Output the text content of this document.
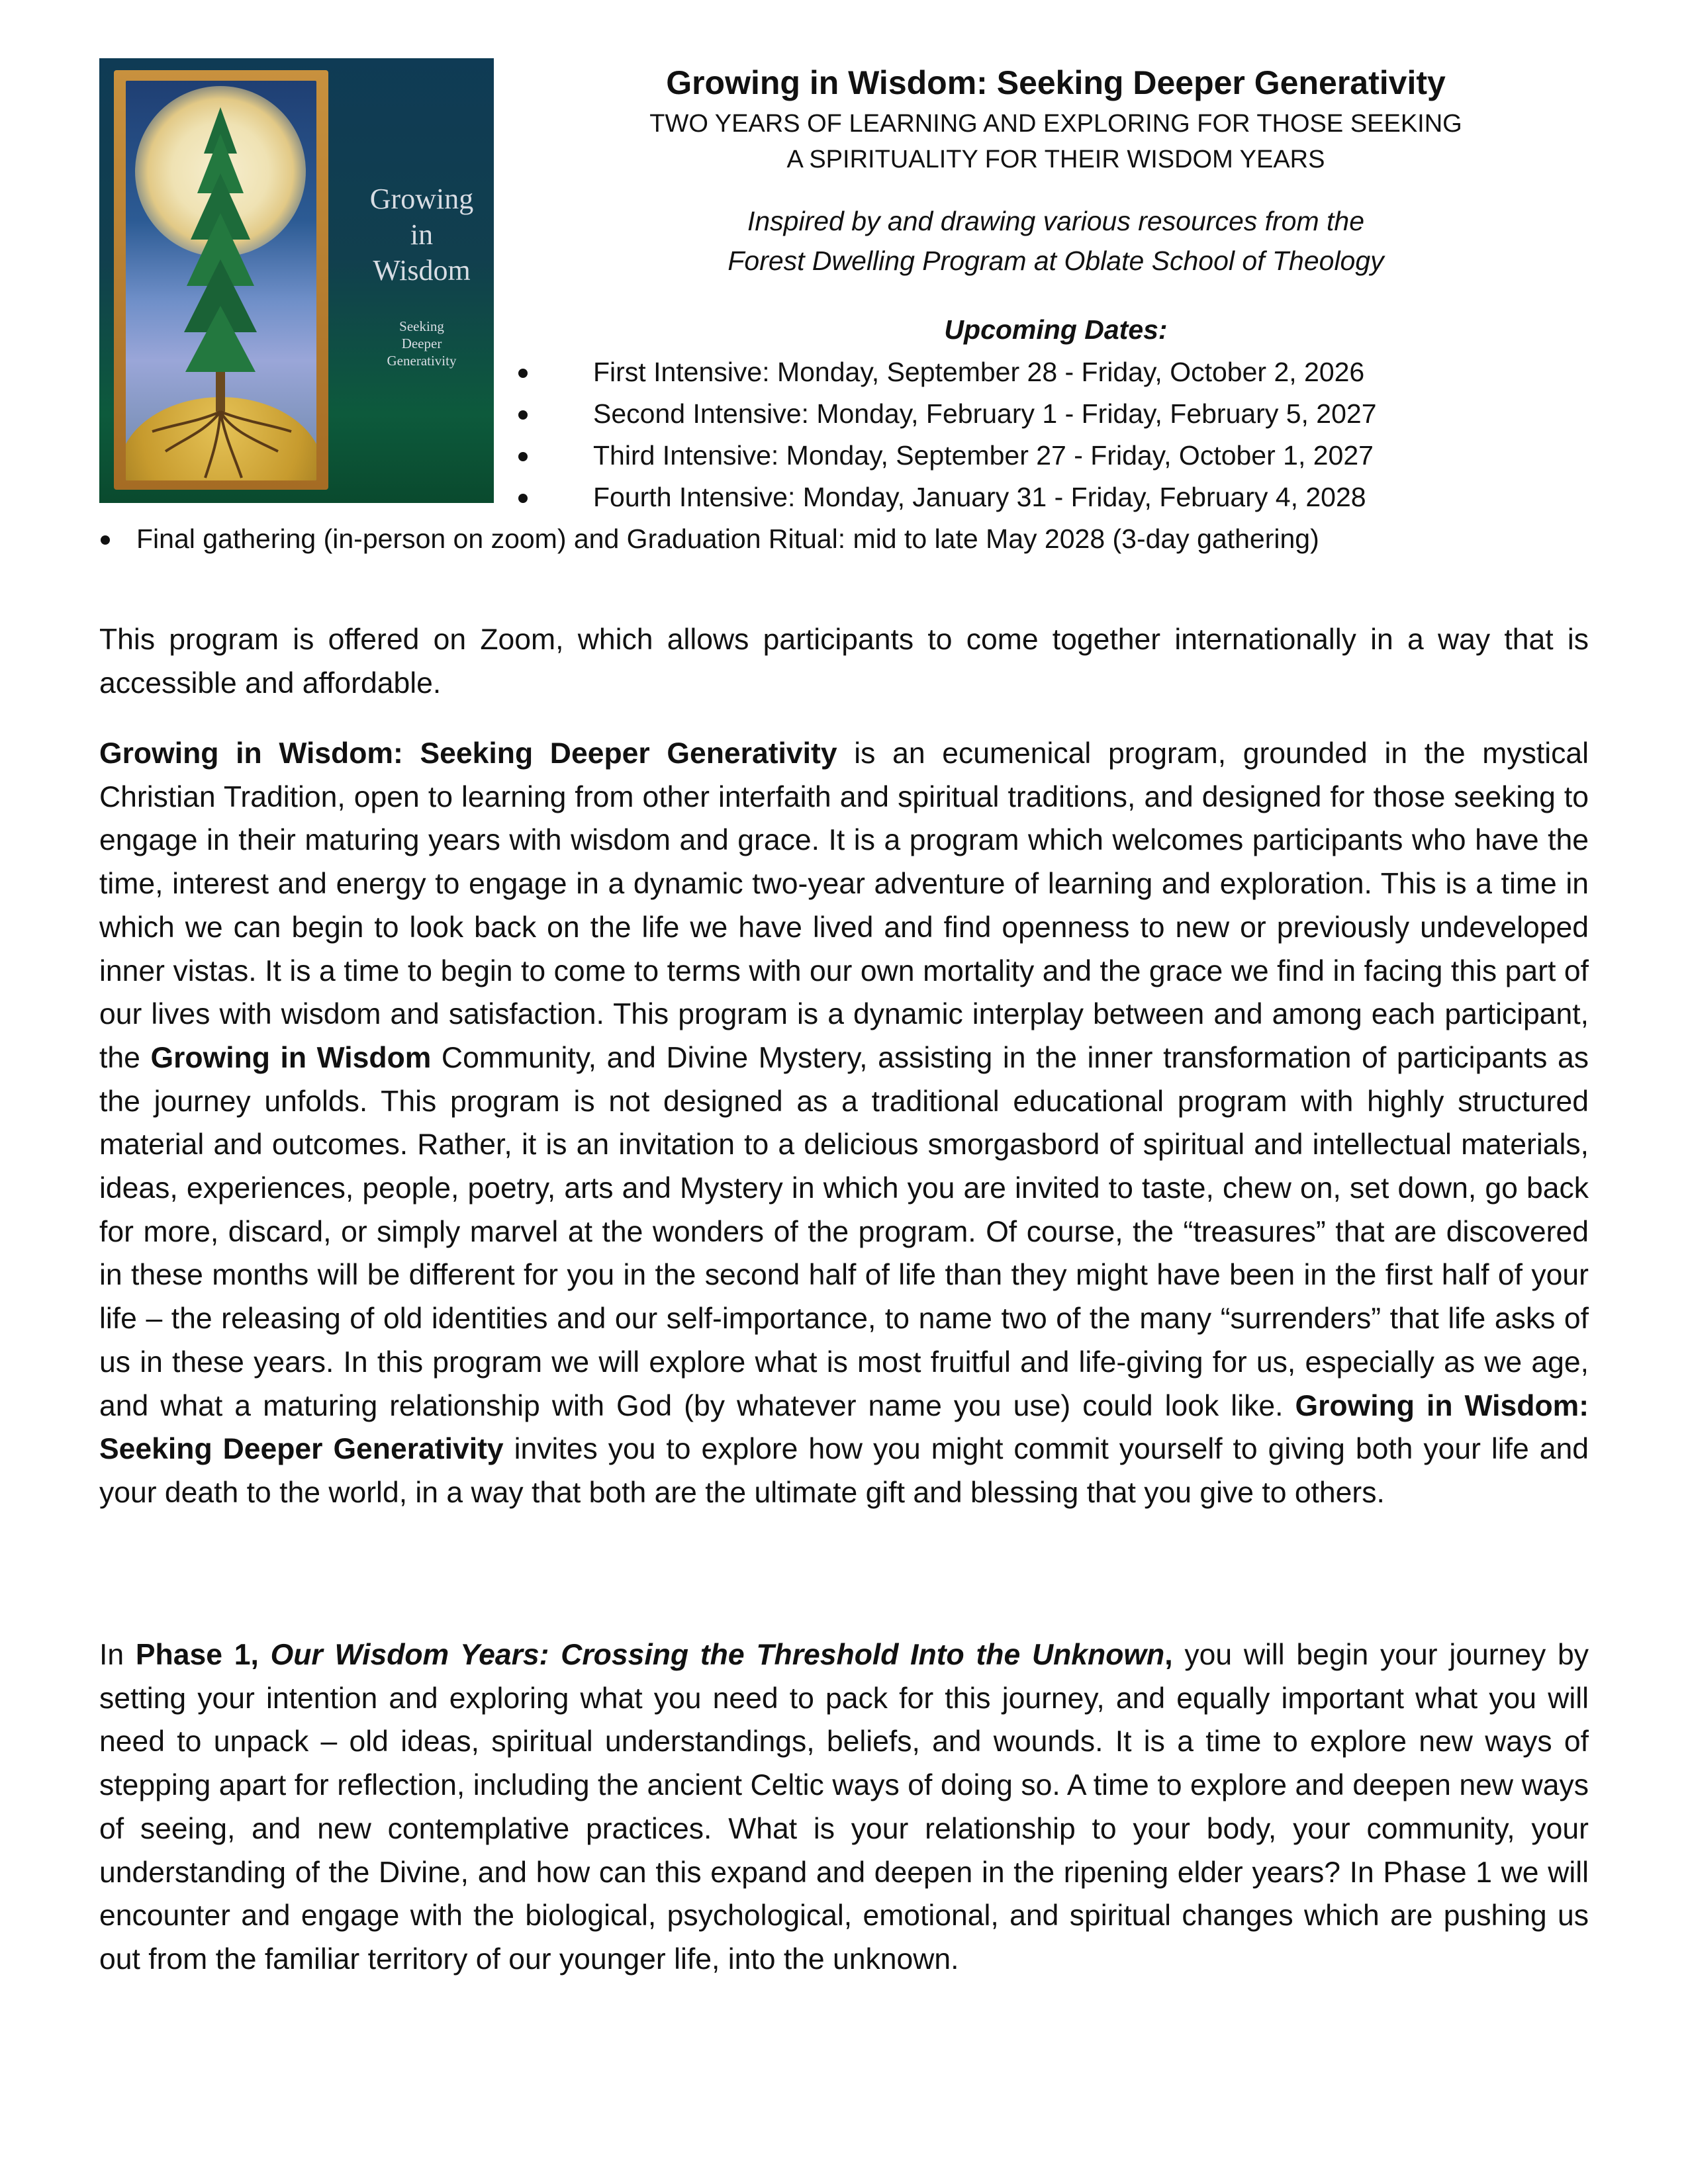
Growing
in
Wisdom
Seeking
Deeper
Generativity
Growing in Wisdom: Seeking Deeper Generativity
TWO YEARS OF LEARNING AND EXPLORING FOR THOSE SEEKING
A SPIRITUALITY FOR THEIR WISDOM YEARS
Inspired by and drawing various resources from the
Forest Dwelling Program at Oblate School of Theology
Upcoming Dates:
First Intensive: Monday, September 28 - Friday, October 2, 2026
Second Intensive: Monday, February 1 - Friday, February 5, 2027
Third Intensive: Monday, September 27 - Friday, October 1, 2027
Fourth Intensive: Monday, January 31 - Friday, February 4, 2028
Final gathering (in-person on zoom) and Graduation Ritual: mid to late May 2028 (3-day gathering)

This program is offered on Zoom, which allows participants to come together internationally in a way that is accessible and affordable.

Growing in Wisdom: Seeking Deeper Generativity is an ecumenical program, grounded in the mystical Christian Tradition, open to learning from other interfaith and spiritual traditions, and designed for those seeking to engage in their maturing years with wisdom and grace. It is a program which welcomes participants who have the time, interest and energy to engage in a dynamic two-year adventure of learning and exploration. This is a time in which we can begin to look back on the life we have lived and find openness to new or previously undeveloped inner vistas. It is a time to begin to come to terms with our own mortality and the grace we find in facing this part of our lives with wisdom and satisfaction. This program is a dynamic interplay between and among each participant, the Growing in Wisdom Community, and Divine Mystery, assisting in the inner transformation of participants as the journey unfolds. This program is not designed as a traditional educational program with highly structured material and outcomes. Rather, it is an invitation to a delicious smorgasbord of spiritual and intellectual materials, ideas, experiences, people, poetry, arts and Mystery in which you are invited to taste, chew on, set down, go back for more, discard, or simply marvel at the wonders of the program. Of course, the “treasures” that are discovered in these months will be different for you in the second half of life than they might have been in the first half of your life – the releasing of old identities and our self-importance, to name two of the many “surrenders” that life asks of us in these years. In this program we will explore what is most fruitful and life-giving for us, especially as we age, and what a maturing relationship with God (by whatever name you use) could look like. Growing in Wisdom: Seeking Deeper Generativity invites you to explore how you might commit yourself to giving both your life and your death to the world, in a way that both are the ultimate gift and blessing that you give to others.

In Phase 1, Our Wisdom Years: Crossing the Threshold Into the Unknown, you will begin your journey by setting your intention and exploring what you need to pack for this journey, and equally important what you will need to unpack – old ideas, spiritual understandings, beliefs, and wounds. It is a time to explore new ways of stepping apart for reflection, including the ancient Celtic ways of doing so. A time to explore and deepen new ways of seeing, and new contemplative practices. What is your relationship to your body, your community, your understanding of the Divine, and how can this expand and deepen in the ripening elder years? In Phase 1 we will encounter and engage with the biological, psychological, emotional, and spiritual changes which are pushing us out from the familiar territory of our younger life, into the unknown.
